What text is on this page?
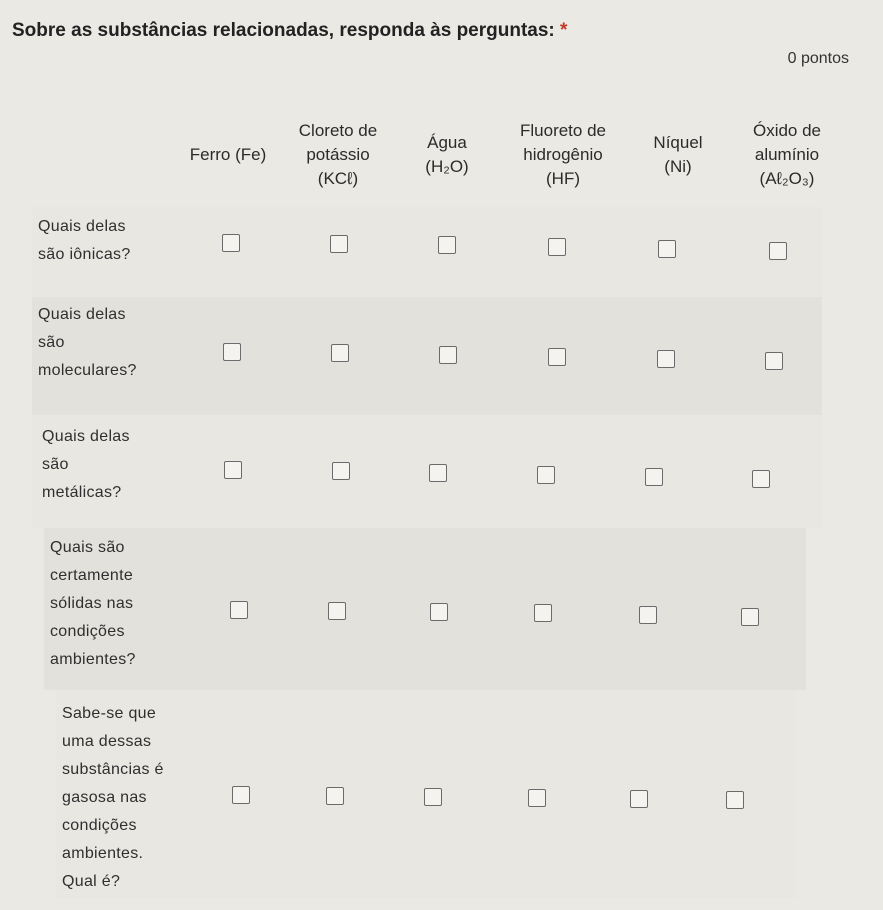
Sobre as substâncias relacionadas, responda às perguntas: *
0 pontos
Ferro (Fe)
Cloreto de
potássio
(KCℓ)
Água
(H₂O)
Fluoreto de
hidrogênio
(HF)
Níquel
(Ni)
Óxido de
alumínio
(Aℓ₂O₃)
Quais delas
são iônicas?
Quais delas
são
moleculares?
Quais delas
são
metálicas?
Quais são
certamente
sólidas nas
condições
ambientes?
Sabe-se que
uma dessas
substâncias é
gasosa nas
condições
ambientes.
Qual é?
